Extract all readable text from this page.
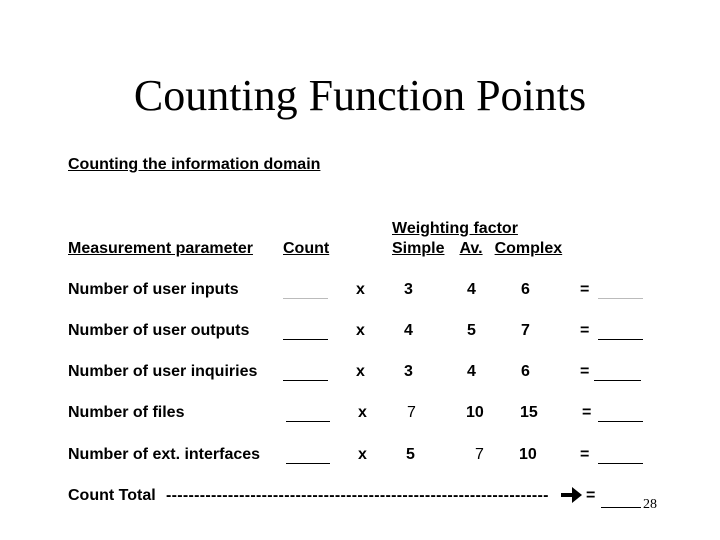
Counting Function Points
Counting the information domain
Weighting factor
Measurement parameter Count	Simple Av. Complex
Number of user inputs	x 3	4	6	=
Number of user outputs	x 4	5	7	=
Number of user inquiries	x 3	4	6	=
Number of files	x	7	10 15	=
Number of ext. interfaces	x 5	7 10	=
Count Total --------------------------------------------------------------------	=
28
